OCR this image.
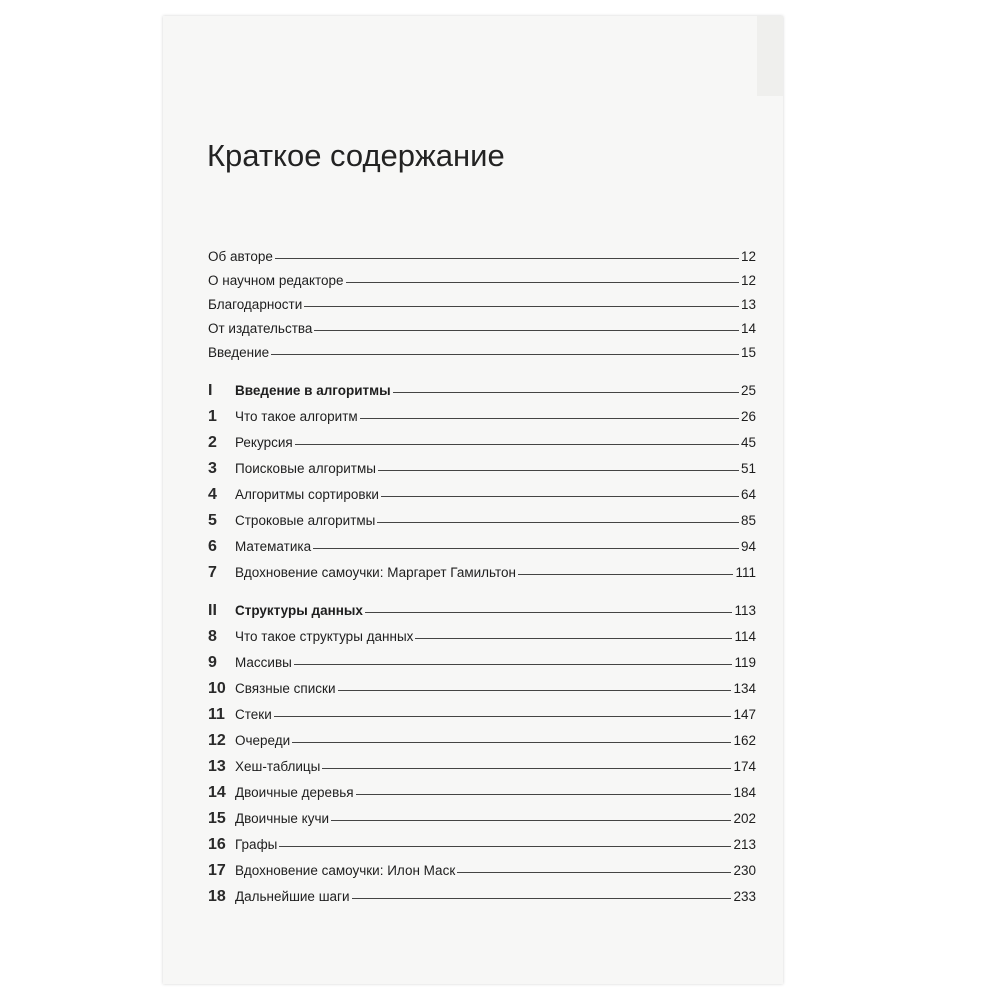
Краткое содержание
Об авторе	12
О научном редакторе	12
Благодарности	13
От издательства	14
Введение	15
I	Введение в алгоритмы	25
1	Что такое алгоритм	26
2	Рекурсия	45
3	Поисковые алгоритмы	51
4	Алгоритмы сортировки	64
5	Строковые алгоритмы	85
6	Математика	94
7	Вдохновение самоучки: Маргарет Гамильтон	111
II	Структуры данных	113
8	Что такое структуры данных	114
9	Массивы	119
10 Связные списки	134
11 Стеки	147
12 Очереди	162
13 Хеш-таблицы	174
14 Двоичные деревья	184
15 Двоичные кучи	202
16 Графы	213
17 Вдохновение самоучки: Илон Маск	230
18 Дальнейшие шаги	233
